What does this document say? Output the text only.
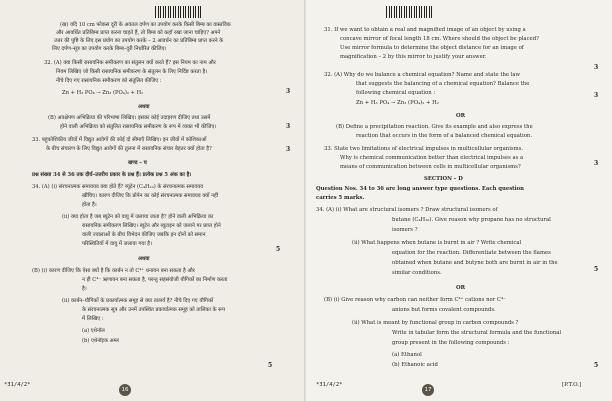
(ख) यदि 10 cm फोकस दूरी के अवतल दर्पण का उपयोग करके किसी बिम्ब का वास्तविक
और आवर्धित प्रतिबिम्ब प्राप्त करना चाहते हैं, तो बिम्ब को कहाँ रखा जाना चाहिए? अपने
उत्तर की पुष्टि के लिए इस प्रयोग का उपयोग करके – 2 आवर्धन का प्रतिबिम्ब प्राप्त करने के
लिए दर्पण–सूत्र का उपयोग करके बिम्ब–दूरी निर्धारित कीजिए।
32. (A) क्या किसी रासायनिक समीकरण का संतुलन क्यों करते हैं? इस नियम का नाम और
नियम लिखिए जो किसी रासायनिक समीकरण के संतुलन के लिए निर्दिष्ट करता है।
नीचे दिए गए रासायनिक समीकरण को संतुलित कीजिए :
Zn + H₃ PO₄ → Zn₃ (PO₄)₂ + H₂	3
अथवा
(B) अवक्षेपण अभिक्रिया की परिभाषा लिखिए। इसका कोई उदाहरण दीजिए तथा उसमें
होने वाली अभिक्रिया को संतुलित रासायनिक समीकरण के रूप में व्यक्त भी कीजिए।	3
33. बहुकोशिकीय जीवों में विद्युत आवेगों की कोई दो सीमाएँ लिखिए। इन जीवों में कोशिकाओं
के बीच संचारण के लिए विद्युत आवेगों की तुलना में रासायनिक संचार बेहतर क्यों होता है?	3
खण्ड – घ
प्रश्न संख्या 34 से 36 तक दीर्घ–उत्तरीय प्रकार के प्रश्न हैं। प्रत्येक प्रश्न 5 अंक का है।
34. (A) (i) संरचनात्मक समावयव क्या होते हैं? ब्यूटेन (C₄H₁₀) के संरचनात्मक समावयव
खींचिए। कारण दीजिए कि प्रोपेन का कोई संरचनात्मक समावयव क्यों नहीं
होता है।
(ii) क्या होता है जब ब्यूटेन को वायु में जलाया जाता है? होने वाली अभिक्रिया का
रासायनिक समीकरण लिखिए। ब्यूटेन और ब्यूटाइन को जलाने पर प्राप्त होने
वाली ज्वालाओं के बीच विभेदन कीजिए जबकि इन दोनों को समान
परिस्थितियों में वायु में जलाया गया है।
5
अथवा
(B) (i) कारण दीजिए कि ऐसा क्यों है कि कार्बन न तो C⁴⁺ धनायन बना सकता है और
न ही C⁴⁻ ऋणायन बना सकता है, परन्तु सहसंयोजी यौगिकों का निर्माण करता
है।
(ii) कार्बन–यौगिकों के प्रकार्यात्मक समूह से क्या तात्पर्य है? नीचे दिए गए यौगिकों
के संरचनात्मक सूत्र और उनमें उपस्थित प्रकार्यात्मक समूह को तालिका के रूप
में लिखिए :
(a) एथेनॉल
(b) एथेनॉइक अम्ल
5
*31/4/2*
16
31. If we want to obtain a real and magnified image of an object by using a
concave mirror of focal length 18 cm. Where should the object be placed?
Use mirror formula to determine the object distance for an image of
magnification – 2 by this mirror to justify your answer.
3
32. (A) Why do we balance a chemical equation? Name and state the law
that suggests the balancing of a chemical equation? Balance the
following chemical equation :
Zn + H₃ PO₄ → Zn₃ (PO₄)₂ + H₂
3
OR
(B) Define a precipitation reaction. Give its example and also express the
reaction that occurs in the form of a balanced chemical equation.
33. State two limitations of electrical impulses in multicellular organisms.
Why is chemical communication better than electrical impulses as a
means of communication between cells in multicellular organisms?	3
SECTION – D
Question Nos. 34 to 36 are long answer type questions. Each question
carries 5 marks.
34. (A) (i) What are structural isomers ? Draw structural isomers of
butane (C₄H₁₀). Give reason why propane has no structural
isomers ?
(ii) What happens when butane is burnt in air ? Write chemical
equation for the reaction. Differentiate between the flames
obtained when butane and butyne both are burnt in air in the
similar conditions.	5
OR
(B) (i) Give reason why carbon can neither form C⁴⁺ cations nor C⁴⁻
anions but forms covalent compounds.
(ii) What is meant by functional group in carbon compounds ?
Write in tabular form the structural formula and the functional
group present in the following compounds :
(a) Ethanol
(b) Ethanoic acid	5
*31/4/2*
17
[P.T.O.]
